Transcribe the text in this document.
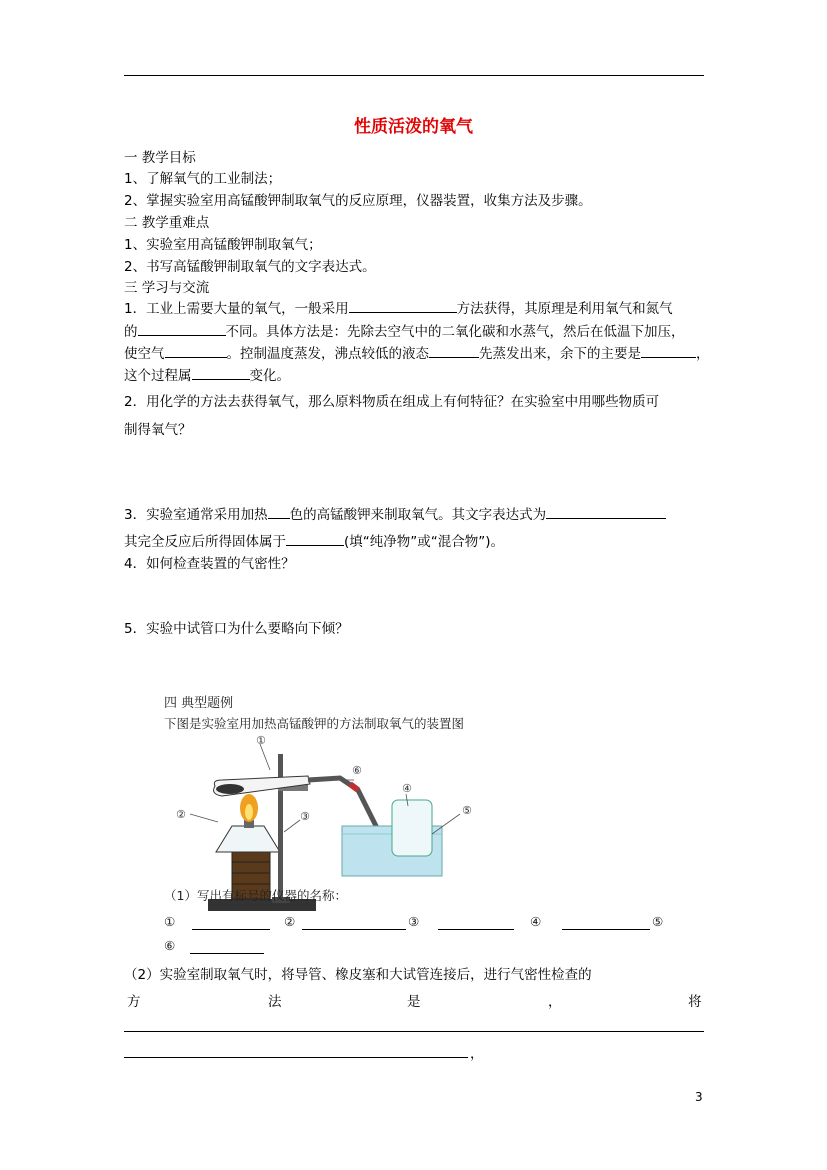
性质活泼的氧气
一 教学目标
1、了解氧气的工业制法；
2、掌握实验室用高锰酸钾制取氧气的反应原理，仪器装置，收集方法及步骤。
二 教学重难点
1、实验室用高锰酸钾制取氧气；
2、书写高锰酸钾制取氧气的文字表达式。
三 学习与交流
1．工业上需要大量的氧气，一般采用	方法获得，其原理是利用氧气和氮气
的	不同。具体方法是：先除去空气中的二氧化碳和水蒸气，然后在低温下加压，
使空气	。控制温度蒸发，沸点较低的液态	先蒸发出来，余下的主要是	，
这个过程属	变化。
2．用化学的方法去获得氧气，那么原料物质在组成上有何特征？在实验室中用哪些物质可
制得氧气？
3．实验室通常采用加热 色的高锰酸钾来制取氧气。其文字表达式为
其完全反应后所得固体属于	(填“纯净物”或“混合物”)。
4．如何检查装置的气密性？
5．实验中试管口为什么要略向下倾？
四 典型题例
下图是实验室用加热高锰酸钾的方法制取氧气的装置图
①
②	③
④
⑤
⑥
（1）写出有标号的仪器的名称：
①	②	③	④	⑤
⑥
（2）实验室制取氧气时，将导管、橡皮塞和大试管连接后，进行气密性检查的
方	法	是	，	将
，
3
